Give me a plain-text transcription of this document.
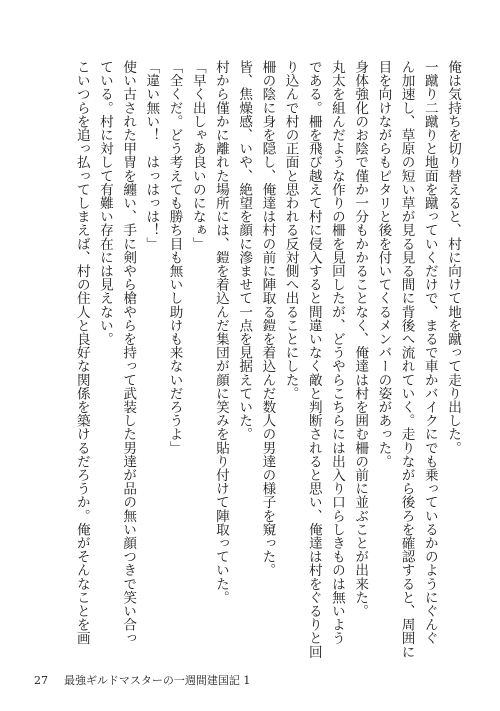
俺は気持ちを切り替えると、村に向けて地を蹴って走り出した。
一蹴り二蹴りと地面を蹴っていくだけで、まるで車かバイクにでも乗っているかのようにぐんぐ
ん加速し、草原の短い草が見る見る間に背後へ流れていく。走りながら後ろを確認すると、周囲に
目を向けながらもピタリと後を付いてくるメンバーの姿があった。
身体強化のお陰で僅か一分もかかることなく、俺達は村を囲む柵の前に並ぶことが出来た。
丸太を組んだような作りの柵を見回したが、どうやらこちらには出入り口らしきものは無いよう
である。柵を飛び越えて村に侵入すると間違いなく敵と判断されると思い、俺達は村をぐるりと回
り込んで村の正面と思われる反対側へ出ることにした。
柵の陰に身を隠し、俺達は村の前に陣取る鎧を着込んだ数人の男達の様子を窺った。
皆、焦燥感、いや、絶望を顔に滲ませて一点を見据えていた。
村から僅かに離れた場所には、鎧を着込んだ集団が顔に笑みを貼り付けて陣取っていた。
「早く出しゃあ良いのになぁ」
「全くだ。どう考えても勝ち目も無いし助けも来ないだろうよ」
「違い無い！　はっはっは！」
使い古された甲冑を纏い、手に剣やら槍やらを持って武装した男達が品の無い顔つきで笑い合っ
ている。村に対して有難い存在には見えない。
こいつらを追っ払ってしまえば、村の住人と良好な関係を築けるだろうか。俺がそんなことを画
27 最強ギルドマスターの一週間建国記 1
